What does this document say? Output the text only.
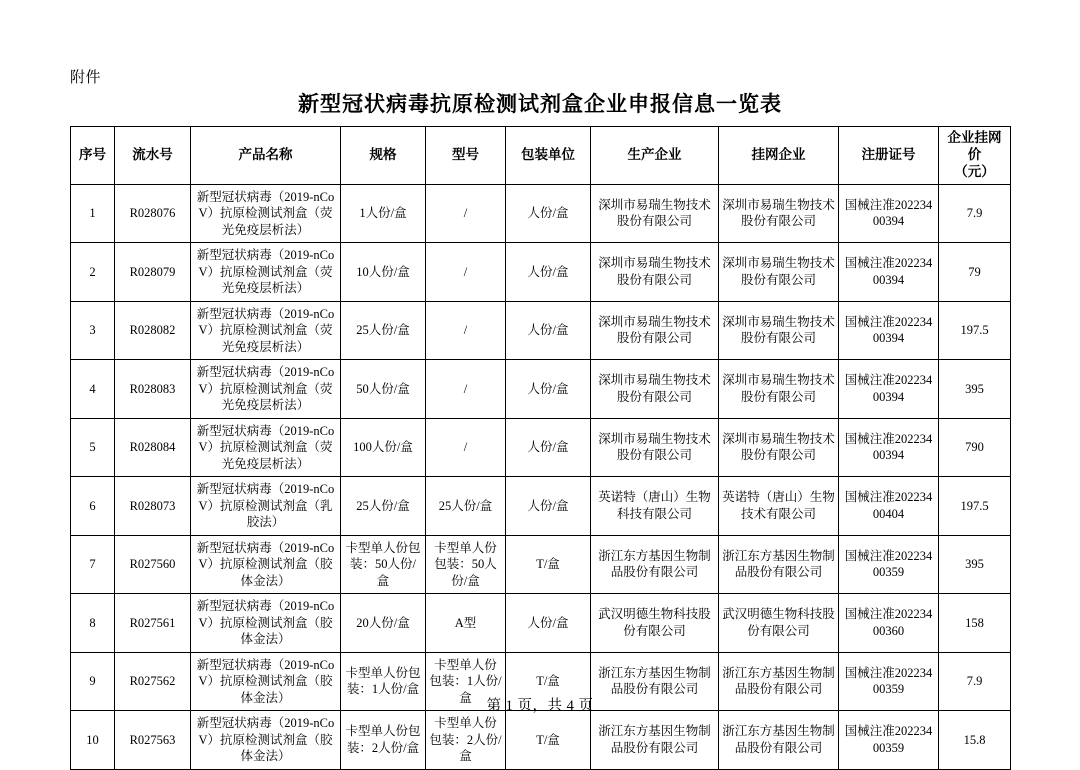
附件
新型冠状病毒抗原检测试剂盒企业申报信息一览表
序号	流水号	产品名称	规格	型号	包装单位	生产企业	挂网企业	注册证号	企业挂网价
（元）

1	R028076	新型冠状病毒（2019-nCoV）抗原检测试剂盒（荧光免疫层析法）	1人份/盒	/	人份/盒	深圳市易瑞生物技术股份有限公司	深圳市易瑞生物技术股份有限公司	国械注准20223400394	7.9
2	R028079	新型冠状病毒（2019-nCoV）抗原检测试剂盒（荧光免疫层析法）	10人份/盒	/	人份/盒	深圳市易瑞生物技术股份有限公司	深圳市易瑞生物技术股份有限公司	国械注准20223400394	79
3	R028082	新型冠状病毒（2019-nCoV）抗原检测试剂盒（荧光免疫层析法）	25人份/盒	/	人份/盒	深圳市易瑞生物技术股份有限公司	深圳市易瑞生物技术股份有限公司	国械注准20223400394	197.5
4	R028083	新型冠状病毒（2019-nCoV）抗原检测试剂盒（荧光免疫层析法）	50人份/盒	/	人份/盒	深圳市易瑞生物技术股份有限公司	深圳市易瑞生物技术股份有限公司	国械注准20223400394	395
5	R028084	新型冠状病毒（2019-nCoV）抗原检测试剂盒（荧光免疫层析法）	100人份/盒	/	人份/盒	深圳市易瑞生物技术股份有限公司	深圳市易瑞生物技术股份有限公司	国械注准20223400394	790
6	R028073	新型冠状病毒（2019-nCoV）抗原检测试剂盒（乳胶法）	25人份/盒	25人份/盒	人份/盒	英诺特（唐山）生物科技有限公司	英诺特（唐山）生物技术有限公司	国械注准20223400404	197.5
7	R027560	新型冠状病毒（2019-nCoV）抗原检测试剂盒（胶体金法）	卡型单人份包装：50人份/盒	卡型单人份包装：50人份/盒	T/盒	浙江东方基因生物制品股份有限公司	浙江东方基因生物制品股份有限公司	国械注准20223400359	395
8	R027561	新型冠状病毒（2019-nCoV）抗原检测试剂盒（胶体金法）	20人份/盒	A型	人份/盒	武汉明德生物科技股份有限公司	武汉明德生物科技股份有限公司	国械注准20223400360	158
9	R027562	新型冠状病毒（2019-nCoV）抗原检测试剂盒（胶体金法）	卡型单人份包装：1人份/盒	卡型单人份包装：1人份/盒	T/盒	浙江东方基因生物制品股份有限公司	浙江东方基因生物制品股份有限公司	国械注准20223400359	7.9
10	R027563	新型冠状病毒（2019-nCoV）抗原检测试剂盒（胶体金法）	卡型单人份包装：2人份/盒	卡型单人份包装：2人份/盒	T/盒	浙江东方基因生物制品股份有限公司	浙江东方基因生物制品股份有限公司	国械注准20223400359	15.8
第 1 页，共 4 页
